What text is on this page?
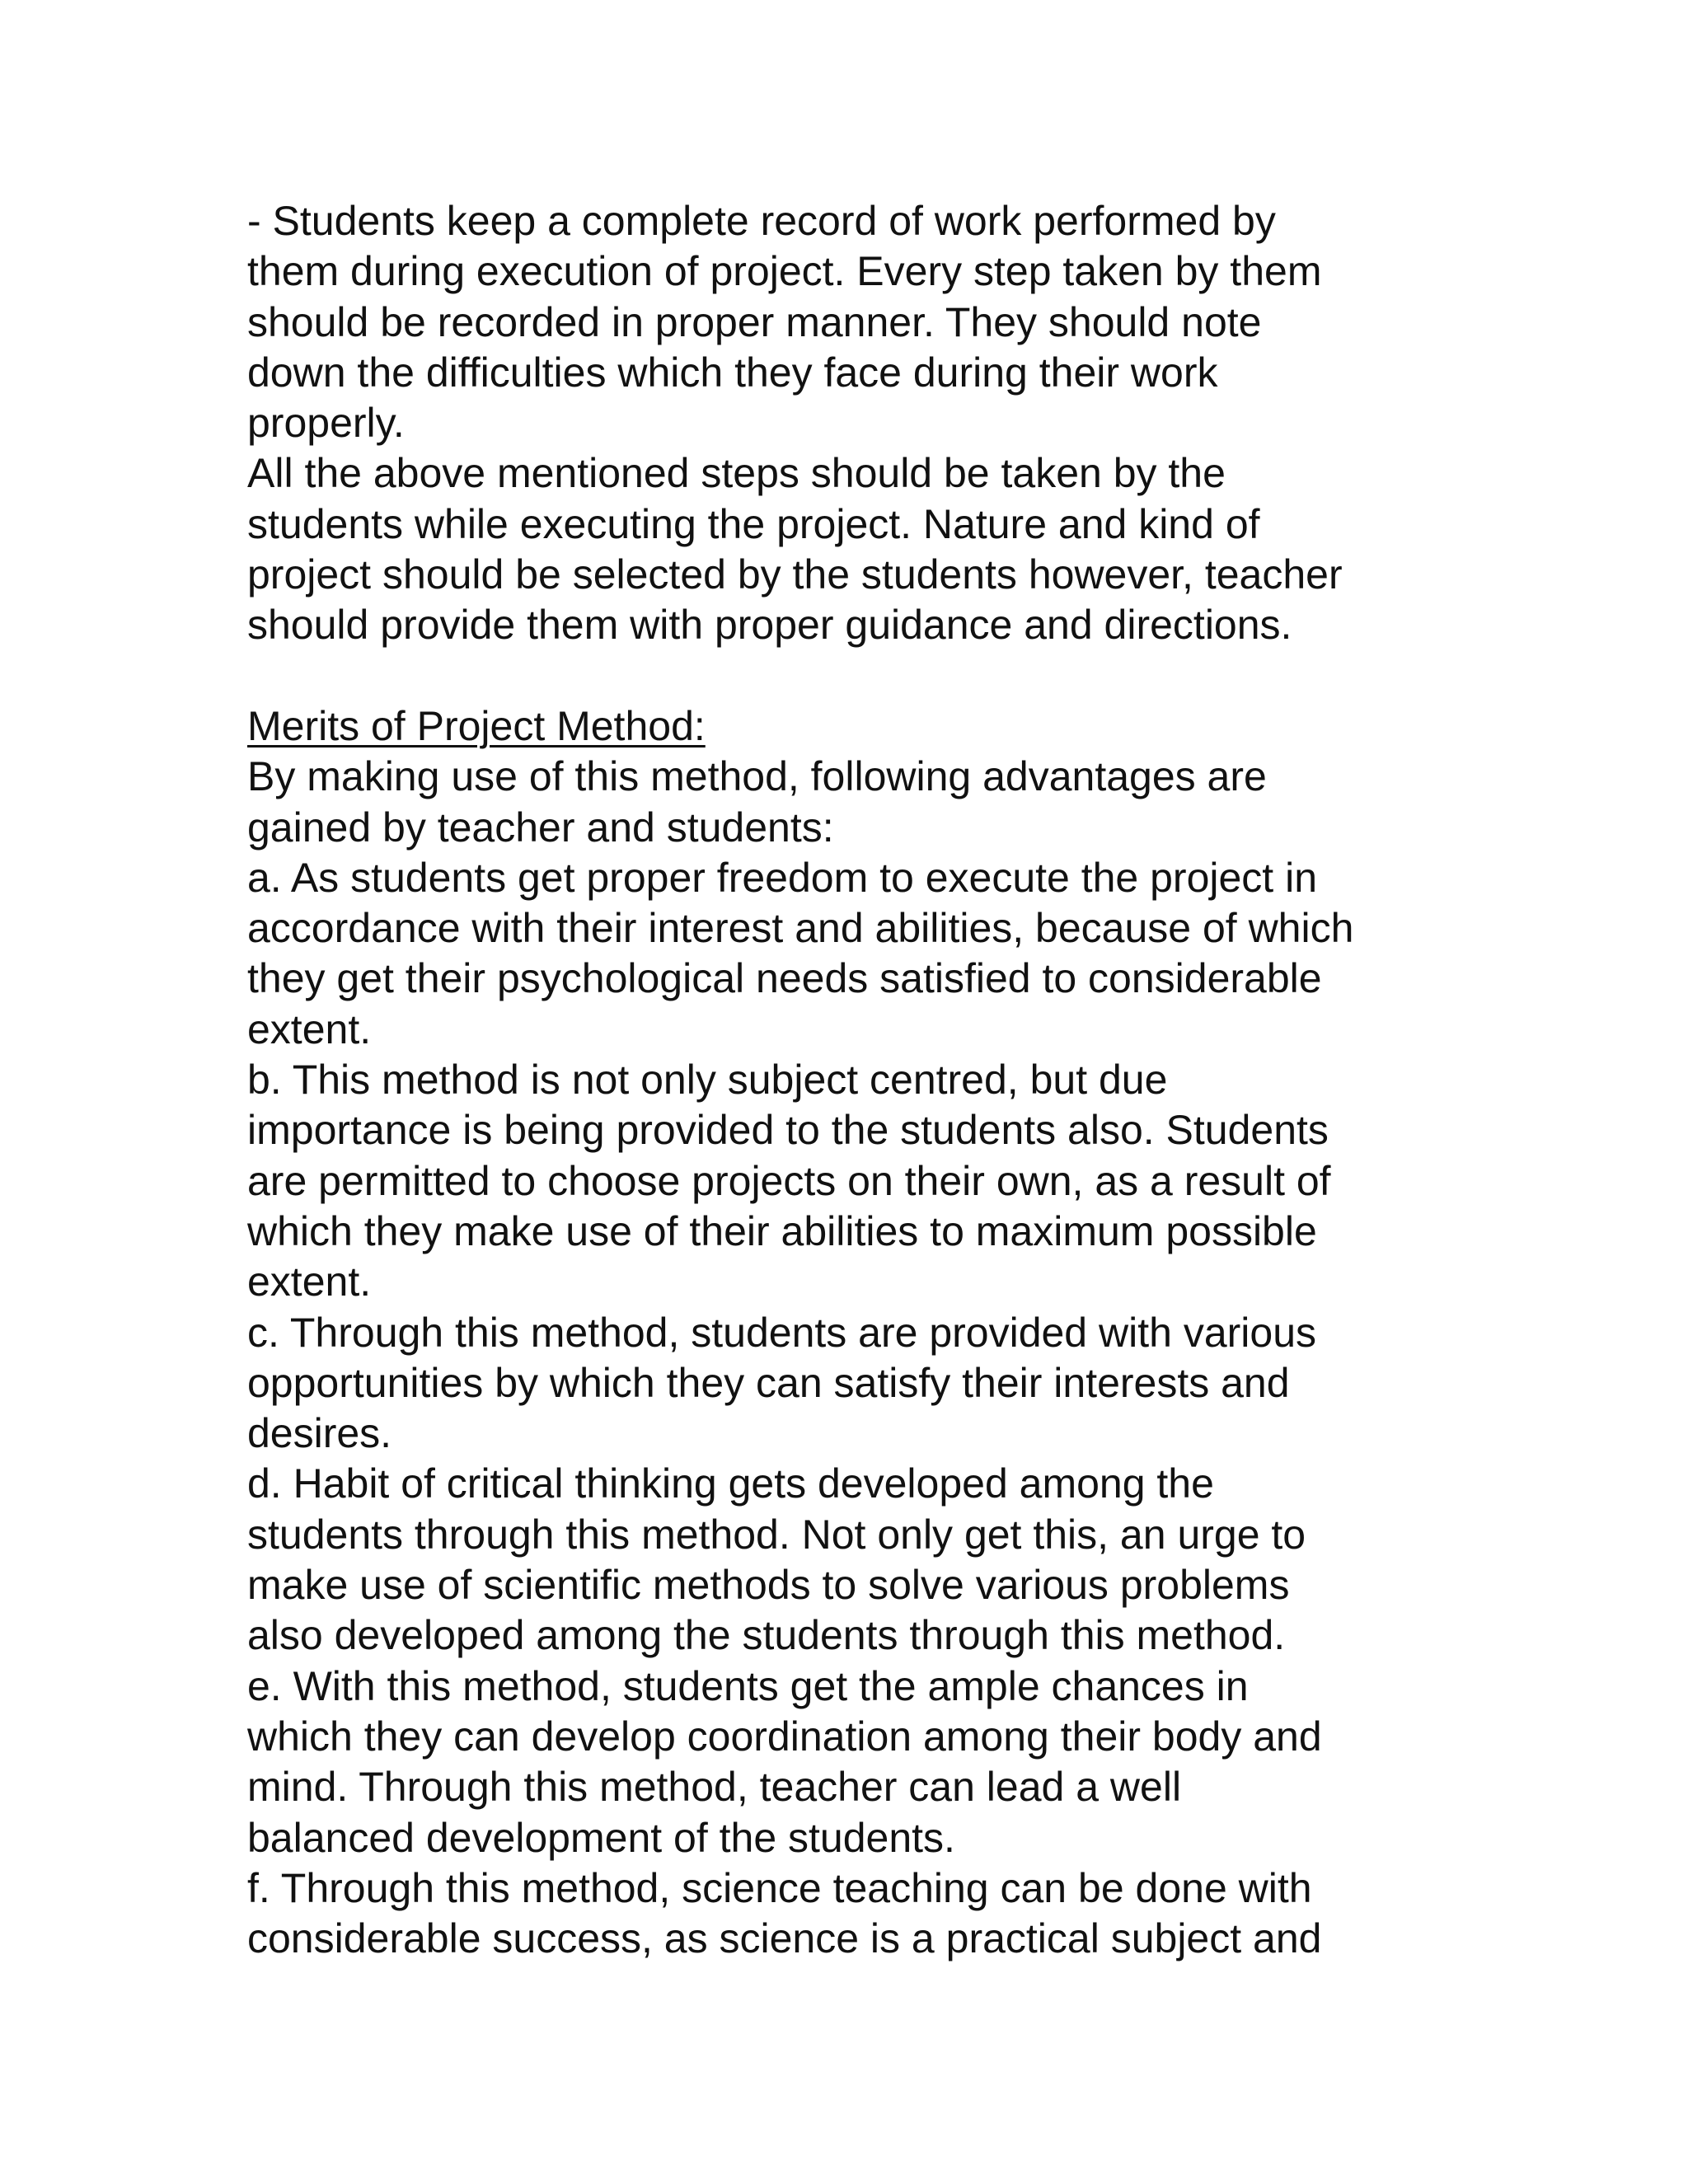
- Students keep a complete record of work performed by
them during execution of project. Every step taken by them
should be recorded in proper manner. They should note
down the difficulties which they face during their work
properly.
All the above mentioned steps should be taken by the
students while executing the project. Nature and kind of
project should be selected by the students however, teacher
should provide them with proper guidance and directions.
Merits of Project Method:
By making use of this method, following advantages are
gained by teacher and students:
a. As students get proper freedom to execute the project in
accordance with their interest and abilities, because of which
they get their psychological needs satisfied to considerable
extent.
b. This method is not only subject centred, but due
importance is being provided to the students also. Students
are permitted to choose projects on their own, as a result of
which they make use of their abilities to maximum possible
extent.
c. Through this method, students are provided with various
opportunities by which they can satisfy their interests and
desires.
d. Habit of critical thinking gets developed among the
students through this method. Not only get this, an urge to
make use of scientific methods to solve various problems
also developed among the students through this method.
e. With this method, students get the ample chances in
which they can develop coordination among their body and
mind. Through this method, teacher can lead a well
balanced development of the students.
f. Through this method, science teaching can be done with
considerable success, as science is a practical subject and
